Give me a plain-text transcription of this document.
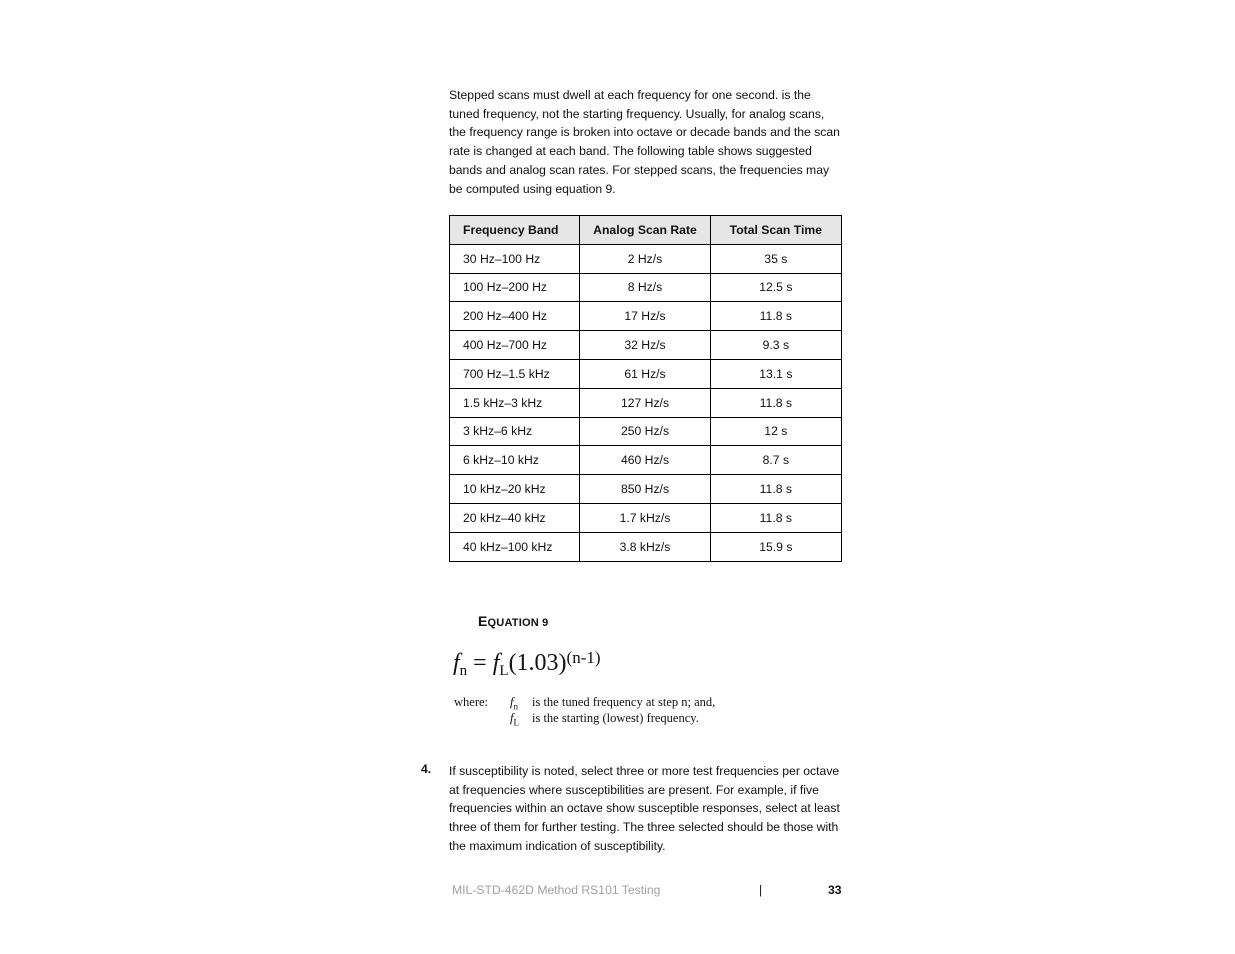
Stepped scans must dwell at each frequency for one second. is the tuned frequency, not the starting frequency. Usually, for analog scans, the frequency range is broken into octave or decade bands and the scan rate is changed at each band. The following table shows suggested bands and analog scan rates. For stepped scans, the frequencies may be computed using equation 9.

Frequency Band	Analog Scan Rate	Total Scan Time
30 Hz–100 Hz	2 Hz/s	35 s
100 Hz–200 Hz	8 Hz/s	12.5 s
200 Hz–400 Hz	17 Hz/s	11.8 s
400 Hz–700 Hz	32 Hz/s	9.3 s
700 Hz–1.5 kHz	61 Hz/s	13.1 s
1.5 kHz–3 kHz	127 Hz/s	11.8 s
3 kHz–6 kHz	250 Hz/s	12 s
6 kHz–10 kHz	460 Hz/s	8.7 s
10 kHz–20 kHz	850 Hz/s	11.8 s
20 kHz–40 kHz	1.7 kHz/s	11.8 s
40 kHz–100 kHz	3.8 kHz/s	15.9 s
EQUATION 9
$f_n = f_L(1.03)^{(n-1)}$
where: $f_n$ is the tuned frequency at step n; and,
$f_L$ is the starting (lowest) frequency.
4. If susceptibility is noted, select three or more test frequencies per octave at frequencies where susceptibilities are present. For example, if five frequencies within an octave show susceptible responses, select at least three of them for further testing. The three selected should be those with the maximum indication of susceptibility.

MIL-STD-462D Method RS101 Testing	|	33
